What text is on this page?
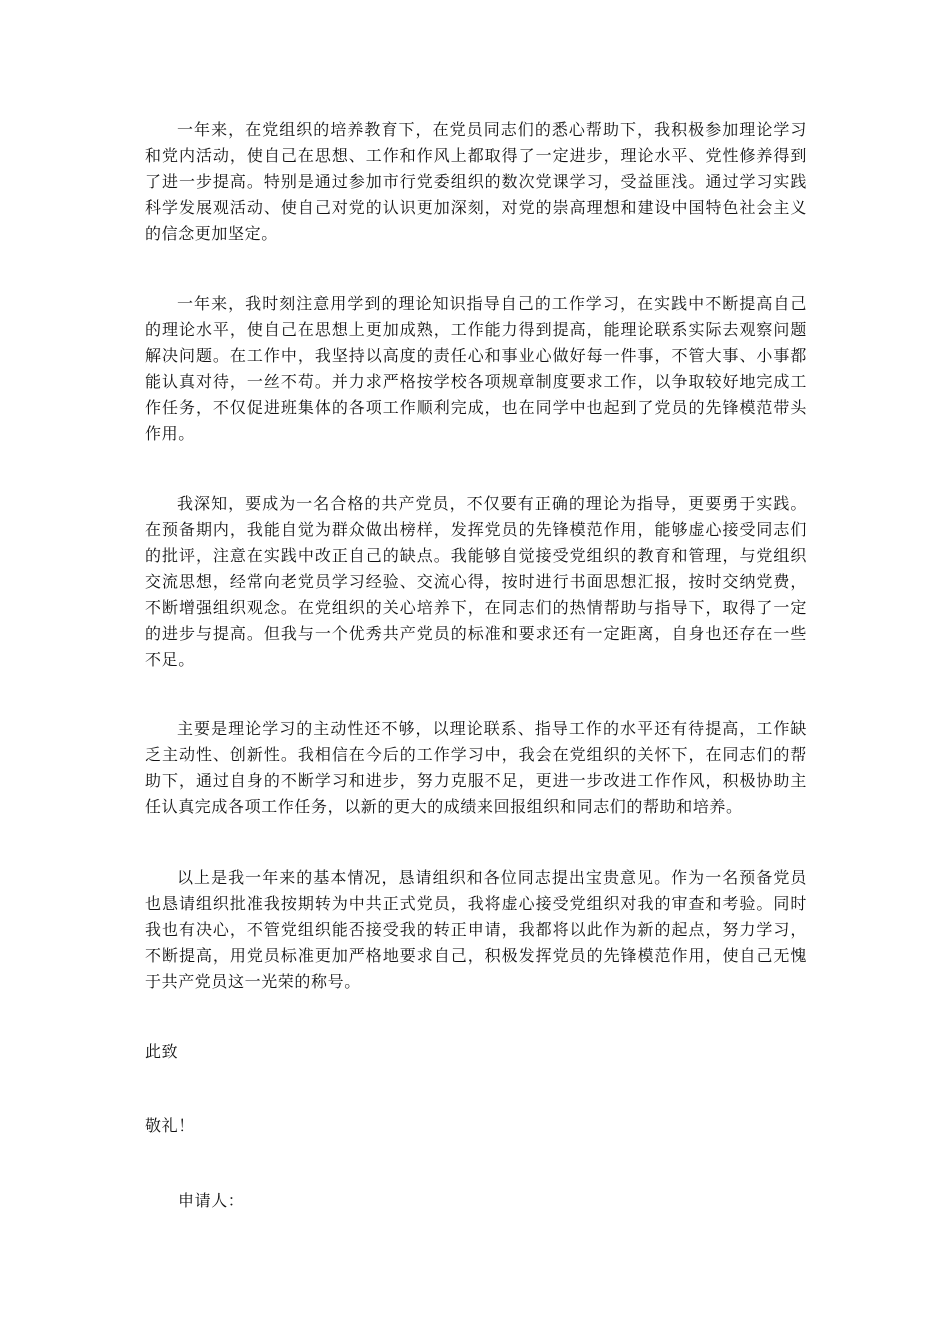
一年来，在党组织的培养教育下，在党员同志们的悉心帮助下，我积极参加理论学习和党内活动，使自己在思想、工作和作风上都取得了一定进步，理论水平、党性修养得到了进一步提高。特别是通过参加市行党委组织的数次党课学习，受益匪浅。通过学习实践科学发展观活动、使自己对党的认识更加深刻，对党的崇高理想和建设中国特色社会主义的信念更加坚定。

一年来，我时刻注意用学到的理论知识指导自己的工作学习，在实践中不断提高自己的理论水平，使自己在思想上更加成熟，工作能力得到提高，能理论联系实际去观察问题解决问题。在工作中，我坚持以高度的责任心和事业心做好每一件事，不管大事、小事都能认真对待，一丝不苟。并力求严格按学校各项规章制度要求工作，以争取较好地完成工作任务，不仅促进班集体的各项工作顺利完成，也在同学中也起到了党员的先锋模范带头作用。

我深知，要成为一名合格的共产党员，不仅要有正确的理论为指导，更要勇于实践。在预备期内，我能自觉为群众做出榜样，发挥党员的先锋模范作用，能够虚心接受同志们的批评，注意在实践中改正自己的缺点。我能够自觉接受党组织的教育和管理，与党组织交流思想，经常向老党员学习经验、交流心得，按时进行书面思想汇报，按时交纳党费，不断增强组织观念。在党组织的关心培养下，在同志们的热情帮助与指导下，取得了一定的进步与提高。但我与一个优秀共产党员的标准和要求还有一定距离，自身也还存在一些不足。

主要是理论学习的主动性还不够，以理论联系、指导工作的水平还有待提高，工作缺乏主动性、创新性。我相信在今后的工作学习中，我会在党组织的关怀下，在同志们的帮助下，通过自身的不断学习和进步，努力克服不足，更进一步改进工作作风，积极协助主任认真完成各项工作任务，以新的更大的成绩来回报组织和同志们的帮助和培养。

以上是我一年来的基本情况，恳请组织和各位同志提出宝贵意见。作为一名预备党员也恳请组织批准我按期转为中共正式党员，我将虚心接受党组织对我的审查和考验。同时我也有决心，不管党组织能否接受我的转正申请，我都将以此作为新的起点，努力学习，不断提高，用党员标准更加严格地要求自己，积极发挥党员的先锋模范作用，使自己无愧于共产党员这一光荣的称号。

此致

敬礼！

申请人：
